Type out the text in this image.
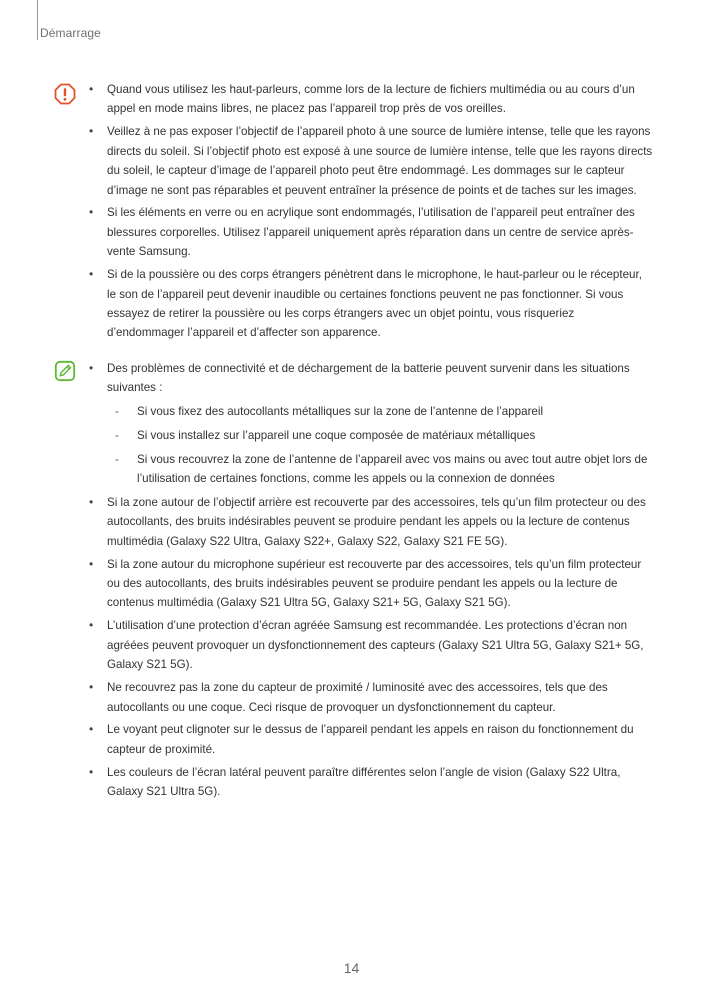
Démarrage
• Quand vous utilisez les haut-parleurs, comme lors de la lecture de fichiers multimédia ou au cours d’un appel en mode mains libres, ne placez pas l’appareil trop près de vos oreilles.
• Veillez à ne pas exposer l’objectif de l’appareil photo à une source de lumière intense, telle que les rayons directs du soleil. Si l’objectif photo est exposé à une source de lumière intense, telle que les rayons directs du soleil, le capteur d’image de l’appareil photo peut être endommagé. Les dommages sur le capteur d’image ne sont pas réparables et peuvent entraîner la présence de points et de taches sur les images.
• Si les éléments en verre ou en acrylique sont endommagés, l’utilisation de l’appareil peut entraîner des blessures corporelles. Utilisez l’appareil uniquement après réparation dans un centre de service après-vente Samsung.
• Si de la poussière ou des corps étrangers pénètrent dans le microphone, le haut-parleur ou le récepteur, le son de l’appareil peut devenir inaudible ou certaines fonctions peuvent ne pas fonctionner. Si vous essayez de retirer la poussière ou les corps étrangers avec un objet pointu, vous risqueriez d’endommager l’appareil et d’affecter son apparence.
• Des problèmes de connectivité et de déchargement de la batterie peuvent survenir dans les situations suivantes :
- Si vous fixez des autocollants métalliques sur la zone de l’antenne de l’appareil
- Si vous installez sur l’appareil une coque composée de matériaux métalliques
- Si vous recouvrez la zone de l’antenne de l’appareil avec vos mains ou avec tout autre objet lors de l’utilisation de certaines fonctions, comme les appels ou la connexion de données
• Si la zone autour de l’objectif arrière est recouverte par des accessoires, tels qu’un film protecteur ou des autocollants, des bruits indésirables peuvent se produire pendant les appels ou la lecture de contenus multimédia (Galaxy S22 Ultra, Galaxy S22+, Galaxy S22, Galaxy S21 FE 5G).
• Si la zone autour du microphone supérieur est recouverte par des accessoires, tels qu’un film protecteur ou des autocollants, des bruits indésirables peuvent se produire pendant les appels ou la lecture de contenus multimédia (Galaxy S21 Ultra 5G, Galaxy S21+ 5G, Galaxy S21 5G).
• L’utilisation d’une protection d’écran agréée Samsung est recommandée. Les protections d’écran non agréées peuvent provoquer un dysfonctionnement des capteurs (Galaxy S21 Ultra 5G, Galaxy S21+ 5G, Galaxy S21 5G).
• Ne recouvrez pas la zone du capteur de proximité / luminosité avec des accessoires, tels que des autocollants ou une coque. Ceci risque de provoquer un dysfonctionnement du capteur.
• Le voyant peut clignoter sur le dessus de l’appareil pendant les appels en raison du fonctionnement du capteur de proximité.
• Les couleurs de l’écran latéral peuvent paraître différentes selon l’angle de vision (Galaxy S22 Ultra, Galaxy S21 Ultra 5G).
14
